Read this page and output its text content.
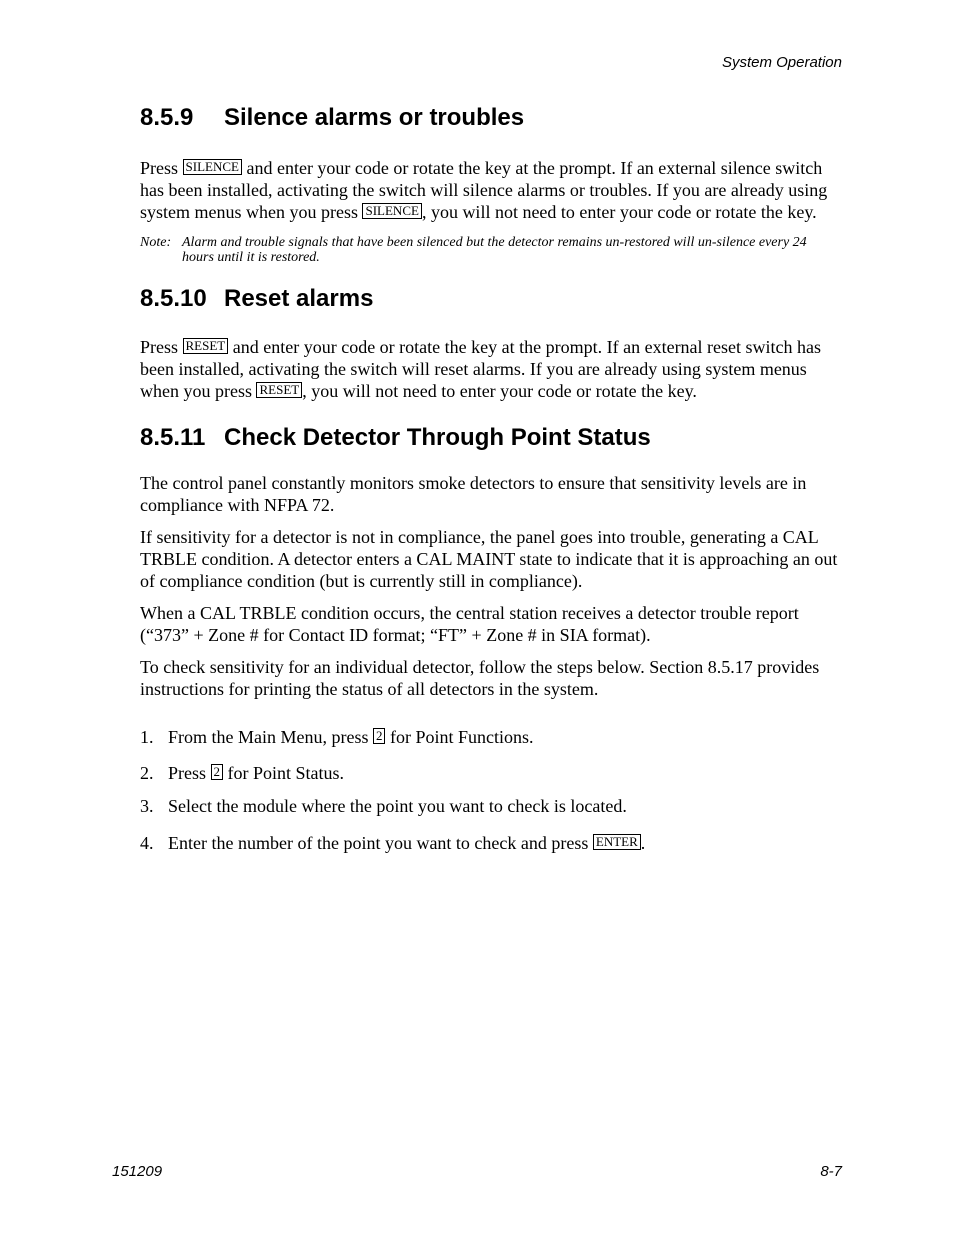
System Operation
8.5.9 Silence alarms or troubles

Press SILENCE and enter your code or rotate the key at the prompt. If an external silence switch has been installed, activating the switch will silence alarms or troubles. If you are already using system menus when you press SILENCE , you will not need to enter your code or rotate the key.

Note: Alarm and trouble signals that have been silenced but the detector remains un-restored will un-silence every 24 hours until it is restored.
8.5.10 Reset alarms

Press RESET and enter your code or rotate the key at the prompt. If an external reset switch has been installed, activating the switch will reset alarms. If you are already using system menus when you press RESET , you will not need to enter your code or rotate the key.

8.5.11 Check Detector Through Point Status

The control panel constantly monitors smoke detectors to ensure that sensitivity levels are in compliance with NFPA 72.

If sensitivity for a detector is not in compliance, the panel goes into trouble, generating a CAL TRBLE condition. A detector enters a CAL MAINT state to indicate that it is approaching an out of compliance condition (but is currently still in compliance).

When a CAL TRBLE condition occurs, the central station receives a detector trouble report (“373” + Zone # for Contact ID format; “FT” + Zone # in SIA format).

To check sensitivity for an individual detector, follow the steps below. Section 8.5.17 provides instructions for printing the status of all detectors in the system.

1. From the Main Menu, press 2 for Point Functions.
2. Press 2 for Point Status.
3. Select the module where the point you want to check is located.
4. Enter the number of the point you want to check and press ENTER .
151209	8-7
